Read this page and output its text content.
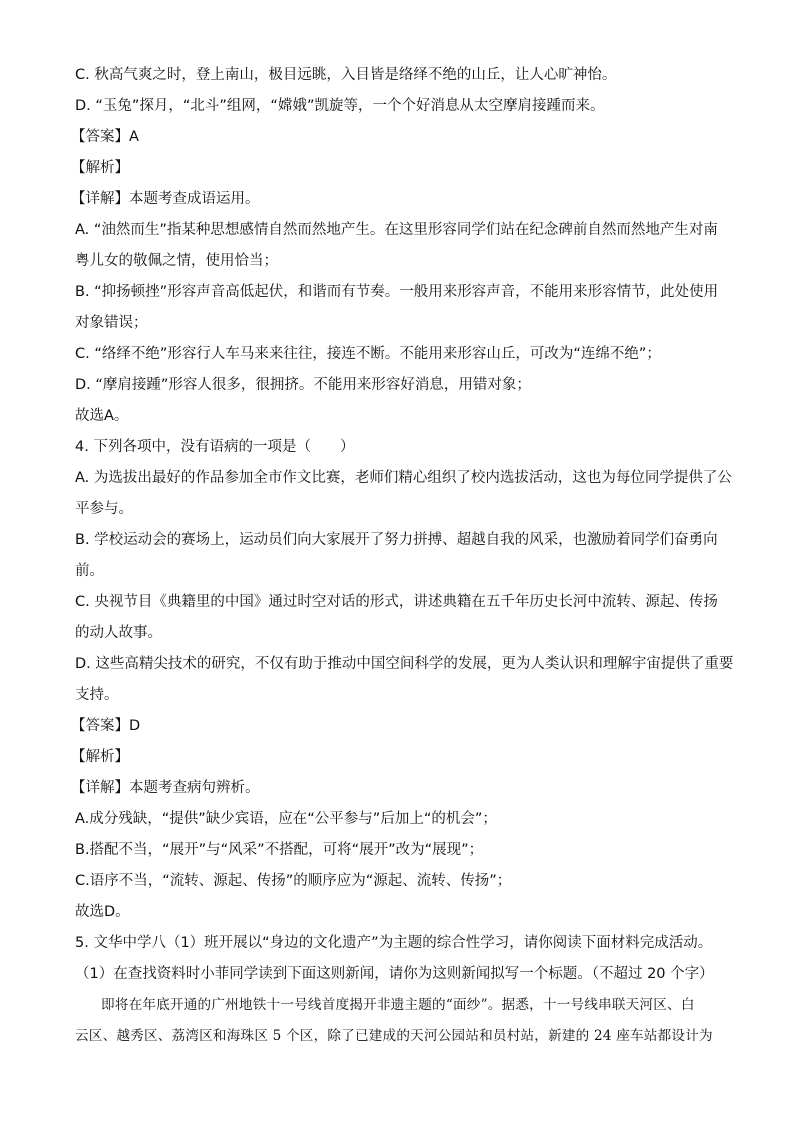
C. 秋高气爽之时，登上南山，极目远眺，入目皆是络绎不绝的山丘，让人心旷神怡。
D. “玉兔”探月，“北斗”组网，“嫦娥”凯旋等，一个个好消息从太空摩肩接踵而来。
【答案】A
【解析】
【详解】本题考查成语运用。
A. “油然而生”指某种思想感情自然而然地产生。在这里形容同学们站在纪念碑前自然而然地产生对南
粤儿女的敬佩之情，使用恰当；
B. “抑扬顿挫”形容声音高低起伏，和谐而有节奏。一般用来形容声音，不能用来形容情节，此处使用
对象错误；
C. “络绎不绝”形容行人车马来来往往，接连不断。不能用来形容山丘，可改为“连绵不绝”；
D. “摩肩接踵”形容人很多，很拥挤。不能用来形容好消息，用错对象；
故选A。
4. 下列各项中，没有语病的一项是（　　）
A. 为选拔出最好的作品参加全市作文比赛，老师们精心组织了校内选拔活动，这也为每位同学提供了公
平参与。
B. 学校运动会的赛场上，运动员们向大家展开了努力拼搏、超越自我的风采，也激励着同学们奋勇向
前。
C. 央视节目《典籍里的中国》通过时空对话的形式，讲述典籍在五千年历史长河中流转、源起、传扬
的动人故事。
D. 这些高精尖技术的研究，不仅有助于推动中国空间科学的发展，更为人类认识和理解宇宙提供了重要
支持。
【答案】D
【解析】
【详解】本题考查病句辨析。
A.成分残缺，“提供”缺少宾语，应在“公平参与”后加上“的机会”；
B.搭配不当，“展开”与“风采”不搭配，可将“展开”改为“展现”；
C.语序不当，“流转、源起、传扬”的顺序应为“源起、流转、传扬”；
故选D。
5. 文华中学八（1）班开展以“身边的文化遗产”为主题的综合性学习，请你阅读下面材料完成活动。
（1）在查找资料时小菲同学读到下面这则新闻，请你为这则新闻拟写一个标题。（不超过 20 个字）
即将在年底开通的广州地铁十一号线首度揭开非遗主题的“面纱”。据悉，十一号线串联天河区、白
云区、越秀区、荔湾区和海珠区 5 个区，除了已建成的天河公园站和员村站，新建的 24 座车站都设计为
